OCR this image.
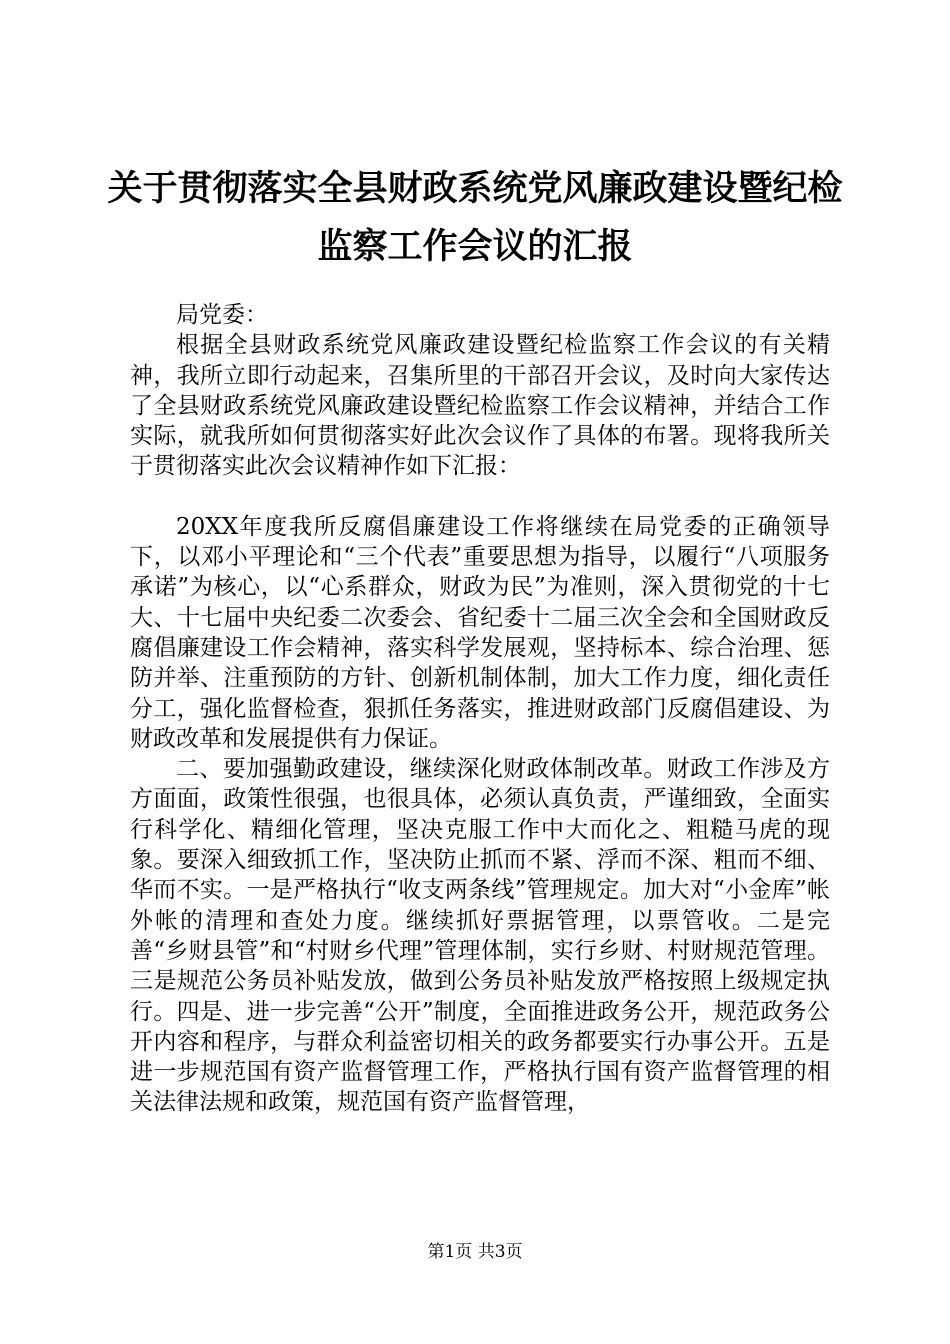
关于贯彻落实全县财政系统党风廉政建设暨纪检监察工作会议的汇报

局党委：

根据全县财政系统党风廉政建设暨纪检监察工作会议的有关精神，我所立即行动起来，召集所里的干部召开会议，及时向大家传达了全县财政系统党风廉政建设暨纪检监察工作会议精神，并结合工作实际，就我所如何贯彻落实好此次会议作了具体的布署。现将我所关于贯彻落实此次会议精神作如下汇报：

20XX年度我所反腐倡廉建设工作将继续在局党委的正确领导下，以邓小平理论和“三个代表”重要思想为指导，以履行“八项服务承诺”为核心，以“心系群众，财政为民”为准则，深入贯彻党的十七大、十七届中央纪委二次委会、省纪委十二届三次全会和全国财政反腐倡廉建设工作会精神，落实科学发展观，坚持标本、综合治理、惩防并举、注重预防的方针、创新机制体制，加大工作力度，细化责任分工，强化监督检查，狠抓任务落实，推进财政部门反腐倡建设、为财政改革和发展提供有力保证。

二、要加强勤政建设，继续深化财政体制改革。财政工作涉及方方面面，政策性很强，也很具体，必须认真负责，严谨细致，全面实行科学化、精细化管理，坚决克服工作中大而化之、粗糙马虎的现象。要深入细致抓工作，坚决防止抓而不紧、浮而不深、粗而不细、华而不实。一是严格执行“收支两条线”管理规定。加大对“小金库”帐外帐的清理和查处力度。继续抓好票据管理，以票管收。二是完善“乡财县管”和“村财乡代理”管理体制，实行乡财、村财规范管理。三是规范公务员补贴发放，做到公务员补贴发放严格按照上级规定执行。四是、进一步完善“公开”制度，全面推进政务公开，规范政务公开内容和程序，与群众利益密切相关的政务都要实行办事公开。五是进一步规范国有资产监督管理工作，严格执行国有资产监督管理的相关法律法规和政策，规范国有资产监督管理，

第1页 共3页
